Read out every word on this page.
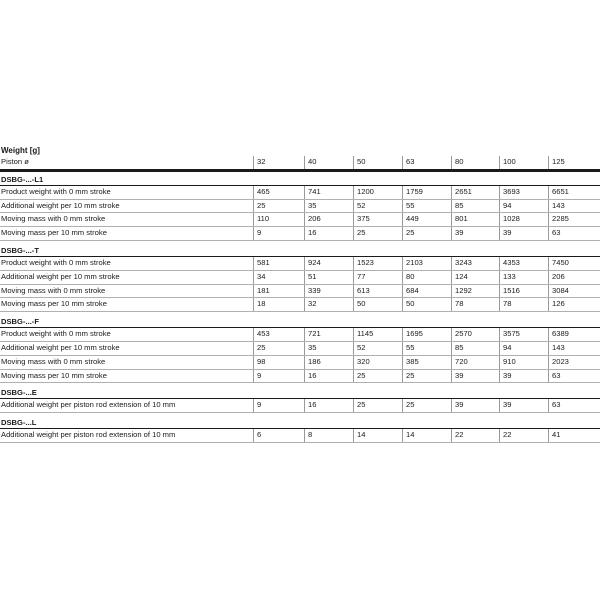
Weight [g]
Piston ø	32	40	50	63	80	100	125
DSBG-...-L1
Product weight with 0 mm stroke	465	741	1200	1759	2651	3693	6651
Additional weight per 10 mm stroke	25	35	52	55	85	94	143
Moving mass with 0 mm stroke	110	206	375	449	801	1028	2285
Moving mass per 10 mm stroke	9	16	25	25	39	39	63
DSBG-...-T
Product weight with 0 mm stroke	581	924	1523	2103	3243	4353	7450
Additional weight per 10 mm stroke	34	51	77	80	124	133	206
Moving mass with 0 mm stroke	181	339	613	684	1292	1516	3084
Moving mass per 10 mm stroke	18	32	50	50	78	78	126
DSBG-...-F
Product weight with 0 mm stroke	453	721	1145	1695	2570	3575	6389
Additional weight per 10 mm stroke	25	35	52	55	85	94	143
Moving mass with 0 mm stroke	98	186	320	385	720	910	2023
Moving mass per 10 mm stroke	9	16	25	25	39	39	63
DSBG-...E
Additional weight per piston rod extension of 10 mm	9	16	25	25	39	39	63
DSBG-...L
Additional weight per piston rod extension of 10 mm	6	8	14	14	22	22	41
